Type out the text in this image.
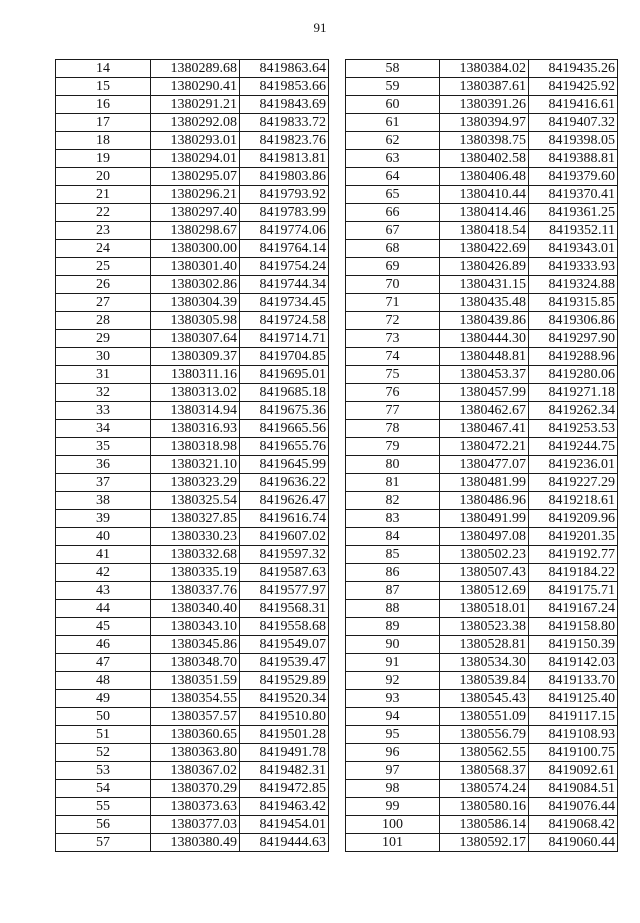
91
14	1380289.68	8419863.64
15	1380290.41	8419853.66
16	1380291.21	8419843.69
17	1380292.08	8419833.72
18	1380293.01	8419823.76
19	1380294.01	8419813.81
20	1380295.07	8419803.86
21	1380296.21	8419793.92
22	1380297.40	8419783.99
23	1380298.67	8419774.06
24	1380300.00	8419764.14
25	1380301.40	8419754.24
26	1380302.86	8419744.34
27	1380304.39	8419734.45
28	1380305.98	8419724.58
29	1380307.64	8419714.71
30	1380309.37	8419704.85
31	1380311.16	8419695.01
32	1380313.02	8419685.18
33	1380314.94	8419675.36
34	1380316.93	8419665.56
35	1380318.98	8419655.76
36	1380321.10	8419645.99
37	1380323.29	8419636.22
38	1380325.54	8419626.47
39	1380327.85	8419616.74
40	1380330.23	8419607.02
41	1380332.68	8419597.32
42	1380335.19	8419587.63
43	1380337.76	8419577.97
44	1380340.40	8419568.31
45	1380343.10	8419558.68
46	1380345.86	8419549.07
47	1380348.70	8419539.47
48	1380351.59	8419529.89
49	1380354.55	8419520.34
50	1380357.57	8419510.80
51	1380360.65	8419501.28
52	1380363.80	8419491.78
53	1380367.02	8419482.31
54	1380370.29	8419472.85
55	1380373.63	8419463.42
56	1380377.03	8419454.01
57	1380380.49	8419444.63
58	1380384.02	8419435.26
59	1380387.61	8419425.92
60	1380391.26	8419416.61
61	1380394.97	8419407.32
62	1380398.75	8419398.05
63	1380402.58	8419388.81
64	1380406.48	8419379.60
65	1380410.44	8419370.41
66	1380414.46	8419361.25
67	1380418.54	8419352.11
68	1380422.69	8419343.01
69	1380426.89	8419333.93
70	1380431.15	8419324.88
71	1380435.48	8419315.85
72	1380439.86	8419306.86
73	1380444.30	8419297.90
74	1380448.81	8419288.96
75	1380453.37	8419280.06
76	1380457.99	8419271.18
77	1380462.67	8419262.34
78	1380467.41	8419253.53
79	1380472.21	8419244.75
80	1380477.07	8419236.01
81	1380481.99	8419227.29
82	1380486.96	8419218.61
83	1380491.99	8419209.96
84	1380497.08	8419201.35
85	1380502.23	8419192.77
86	1380507.43	8419184.22
87	1380512.69	8419175.71
88	1380518.01	8419167.24
89	1380523.38	8419158.80
90	1380528.81	8419150.39
91	1380534.30	8419142.03
92	1380539.84	8419133.70
93	1380545.43	8419125.40
94	1380551.09	8419117.15
95	1380556.79	8419108.93
96	1380562.55	8419100.75
97	1380568.37	8419092.61
98	1380574.24	8419084.51
99	1380580.16	8419076.44
100	1380586.14	8419068.42
101	1380592.17	8419060.44
